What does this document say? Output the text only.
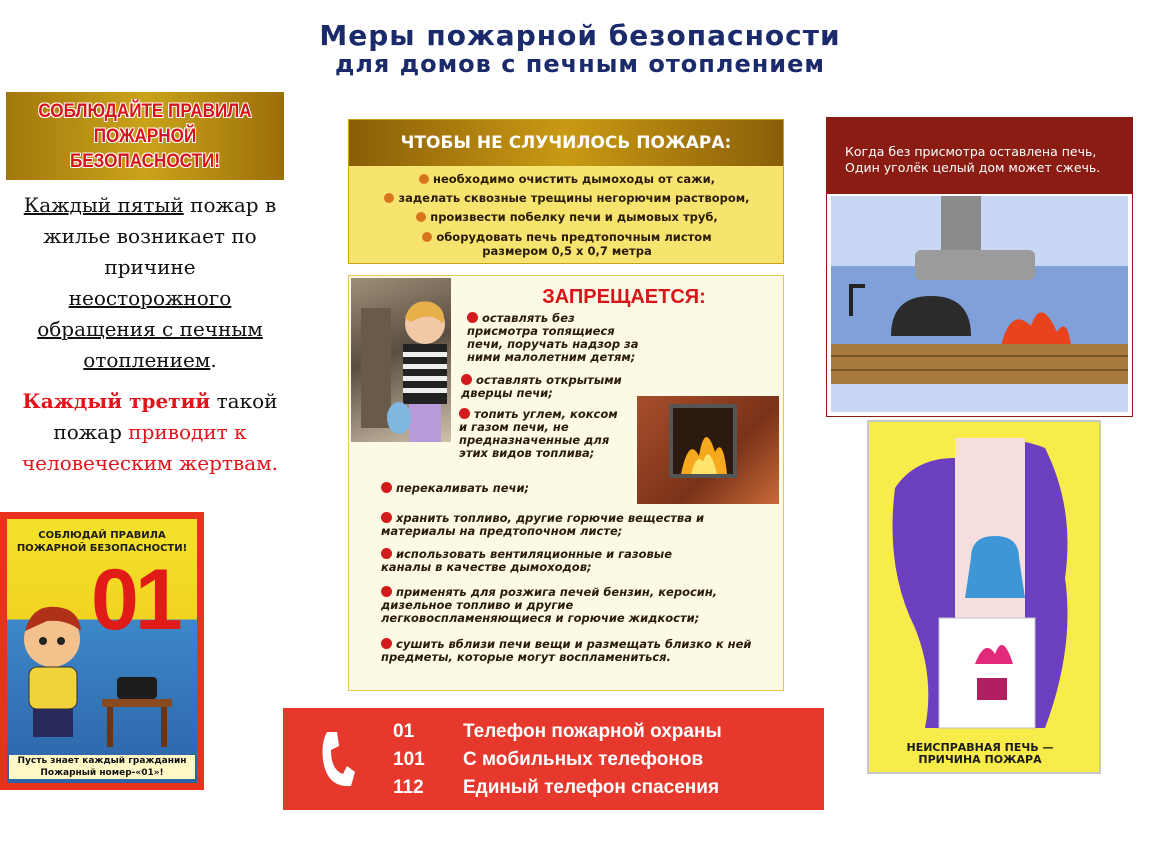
Меры пожарной безопасности
для домов с печным отоплением
СОБЛЮДАЙТЕ ПРАВИЛА
ПОЖАРНОЙ БЕЗОПАСНОСТИ!

Каждый пятый пожар в жилье возникает по причине неосторожного обращения с печным отоплением.

Каждый третий такой пожар приводит к человеческим жертвам.

СОБЛЮДАЙ ПРАВИЛА
ПОЖАРНОЙ БЕЗОПАСНОСТИ!
01
Пусть знает каждый гражданин
Пожарный номер-«01»!
ЧТОБЫ НЕ СЛУЧИЛОСЬ ПОЖАРА:
необходимо очистить дымоходы от сажи,
заделать сквозные трещины негорючим раствором,
произвести побелку печи и дымовых труб,
оборудовать печь предтопочным листом
размером 0,5 х 0,7 метра
ЗАПРЕЩАЕТСЯ:
оставлять без присмотра топящиеся печи, поручать надзор за ними малолетним детям;
оставлять открытыми дверцы печи;
топить углем, коксом и газом печи, не предназначенные для этих видов топлива;
перекаливать печи;
хранить топливо, другие горючие вещества и материалы на предтопочном листе;
использовать вентиляционные и газовые каналы в качестве дымоходов;
применять для розжига печей бензин, керосин, дизельное топливо и другие легковоспламеняющиеся и горючие жидкости;
сушить вблизи печи вещи и размещать близко к ней предметы, которые могут воспламениться.
Когда без присмотра оставлена печь,
Один уголёк целый дом может сжечь.
НЕИСПРАВНАЯ ПЕЧЬ —
ПРИЧИНА ПОЖАРА
01	Телефон пожарной охраны
101 С мобильных телефонов
112 Единый телефон спасения
